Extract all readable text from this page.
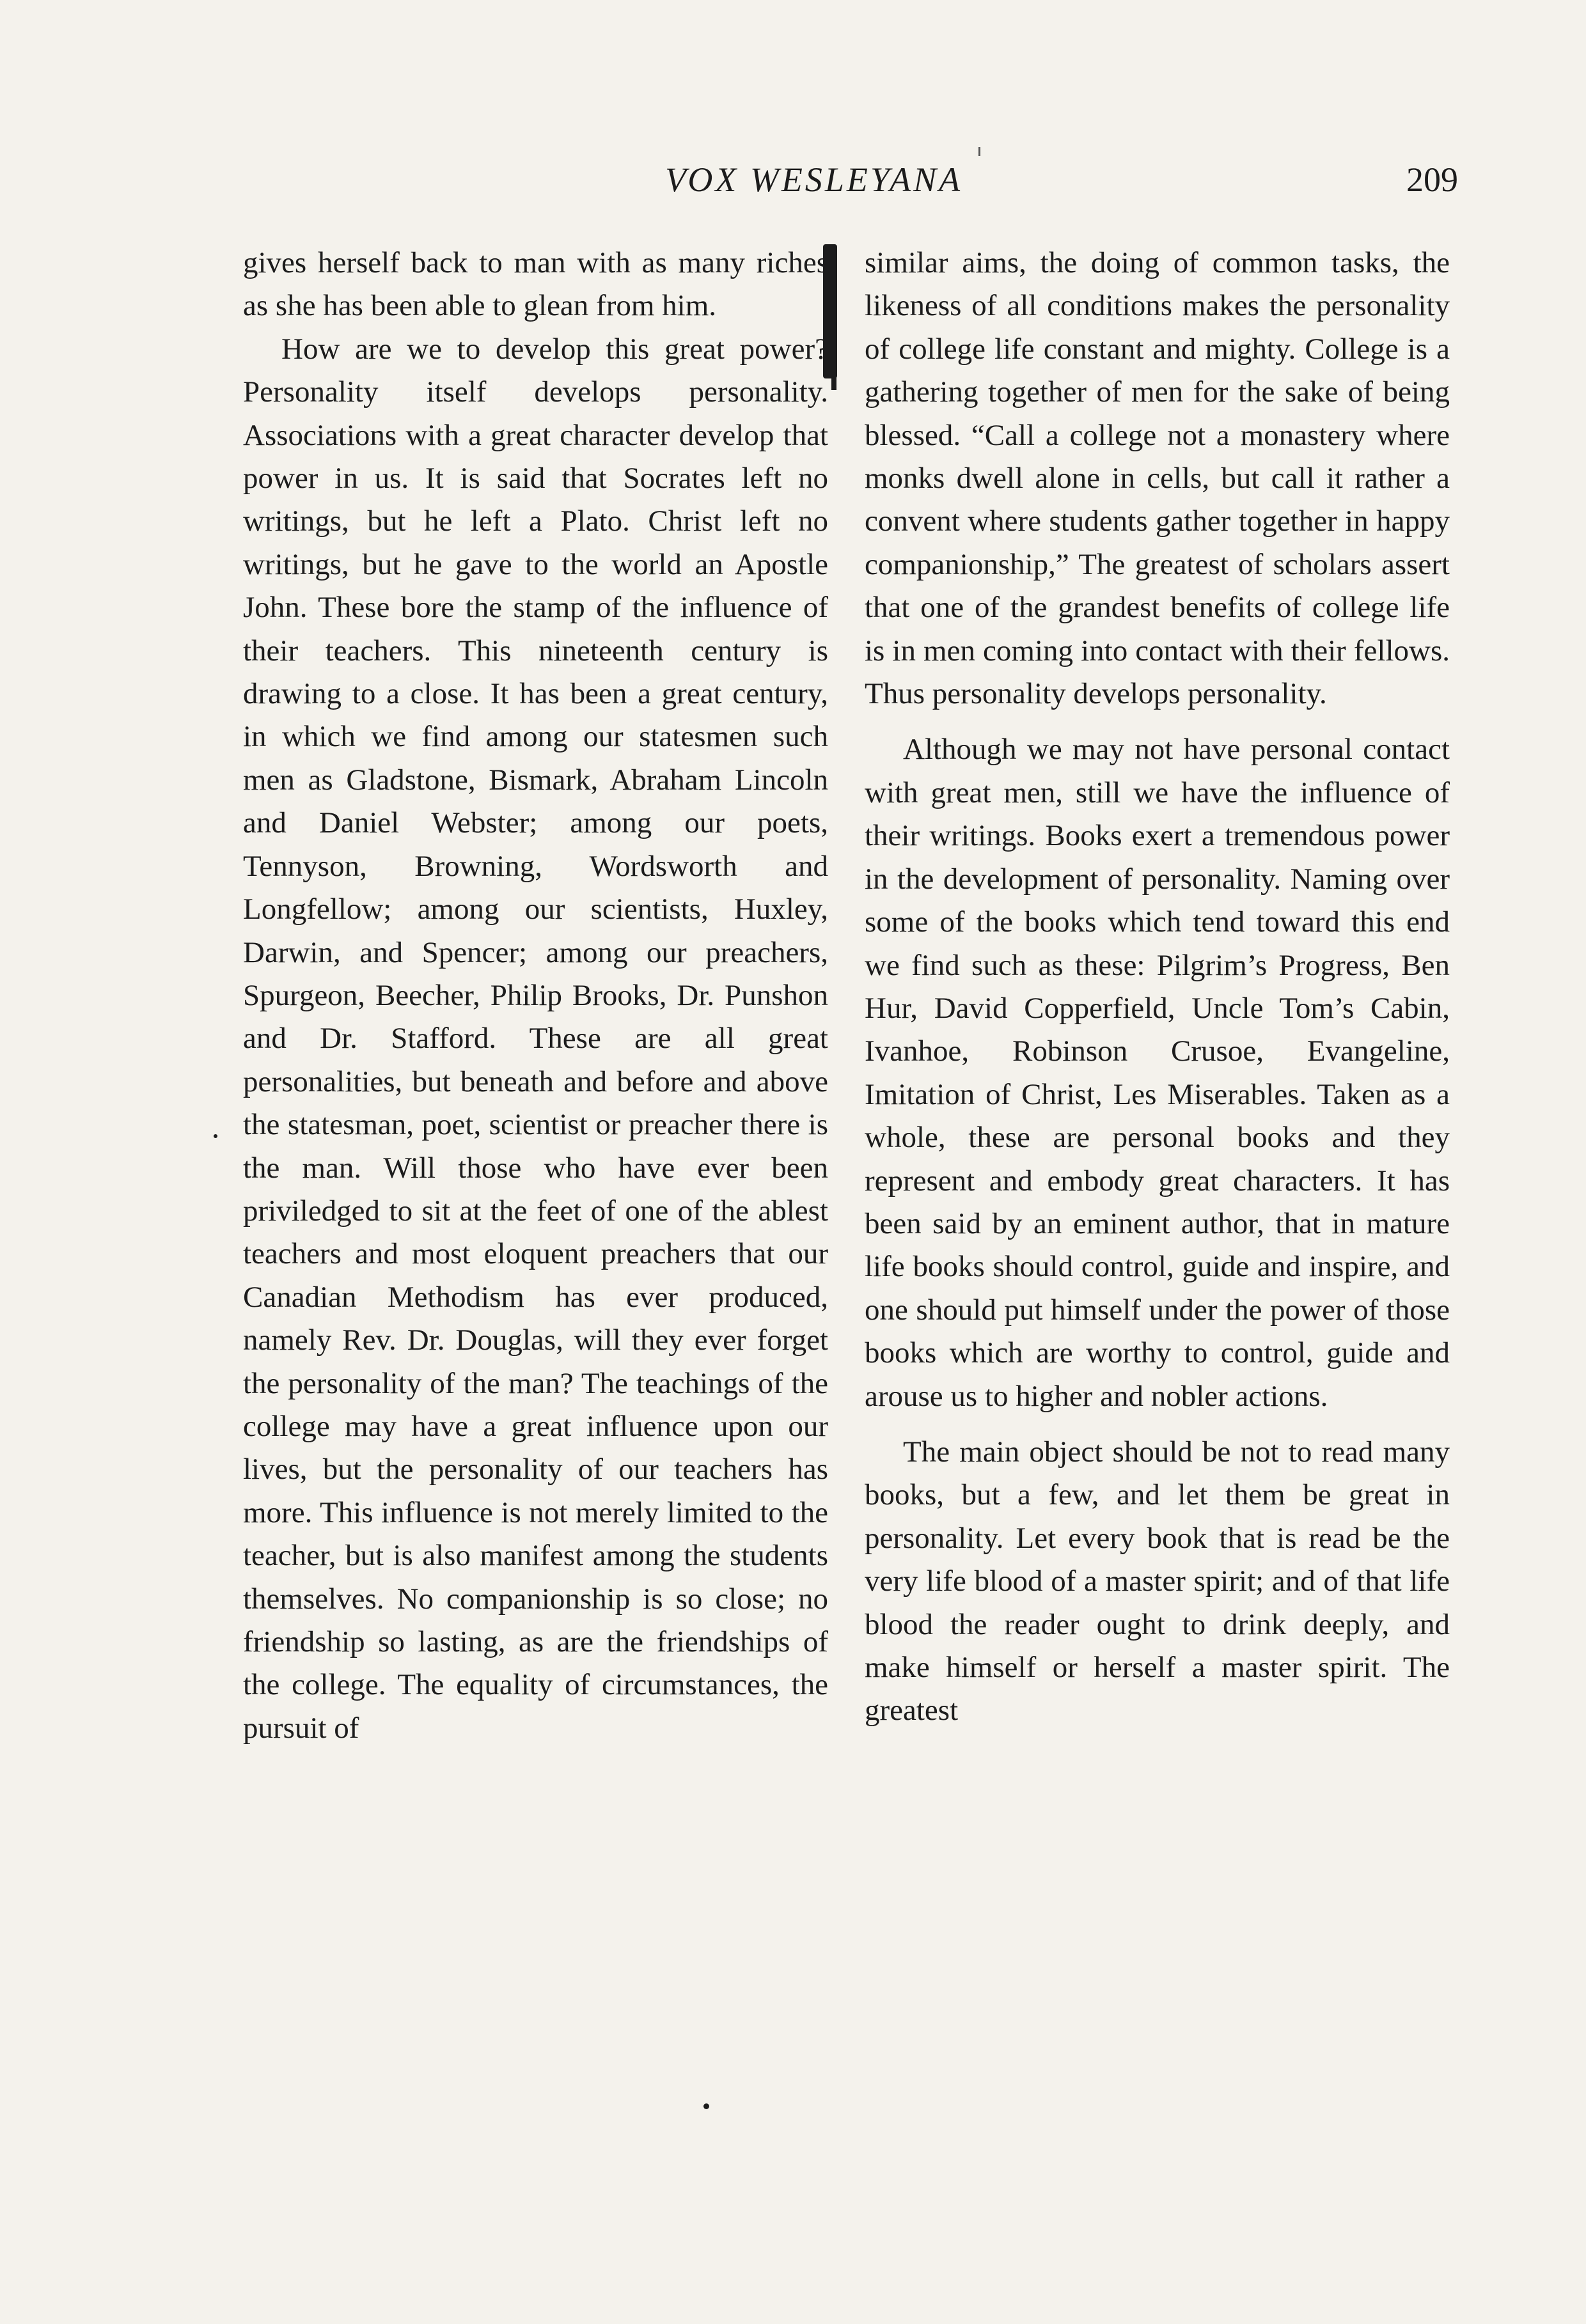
VOX WESLEYANA	209

gives herself back to man with as many riches as she has been able to glean from him.

How are we to develop this great power? Personality itself develops personality. Associations with a great character develop that power in us. It is said that Socrates left no writings, but he left a Plato. Christ left no writings, but he gave to the world an Apostle John. These bore the stamp of the influence of their teachers. This nineteenth century is drawing to a close. It has been a great century, in which we find among our statesmen such men as Gladstone, Bismark, Abraham Lincoln and Daniel Webster; among our poets, Tennyson, Browning, Wordsworth and Longfellow; among our scientists, Huxley, Darwin, and Spencer; among our preachers, Spurgeon, Beecher, Philip Brooks, Dr. Punshon and Dr. Stafford. These are all great personalities, but beneath and before and above the statesman, poet, scientist or preacher there is the man. Will those who have ever been priviledged to sit at the feet of one of the ablest teachers and most eloquent preachers that our Canadian Methodism has ever produced, namely Rev. Dr. Douglas, will they ever forget the personality of the man? The teachings of the college may have a great influence upon our lives, but the personality of our teachers has more. This influence is not merely limited to the teacher, but is also manifest among the students themselves. No companionship is so close; no friendship so lasting, as are the friendships of the college. The equality of circumstances, the pursuit of

similar aims, the doing of common tasks, the likeness of all conditions makes the personality of college life constant and mighty. College is a gathering together of men for the sake of being blessed. “Call a college not a monastery where monks dwell alone in cells, but call it rather a convent where students gather together in happy companionship,” The greatest of scholars assert that one of the grandest benefits of college life is in men coming into contact with their fellows. Thus personality develops personality.

Although we may not have personal contact with great men, still we have the influence of their writings. Books exert a tremendous power in the development of personality. Naming over some of the books which tend toward this end we find such as these: Pilgrim’s Progress, Ben Hur, David Copperfield, Uncle Tom’s Cabin, Ivanhoe, Robinson Crusoe, Evangeline, Imitation of Christ, Les Miserables. Taken as a whole, these are personal books and they represent and embody great characters. It has been said by an eminent author, that in mature life books should control, guide and inspire, and one should put himself under the power of those books which are worthy to control, guide and arouse us to higher and nobler actions.

The main object should be not to read many books, but a few, and let them be great in personality. Let every book that is read be the very life blood of a master spirit; and of that life blood the reader ought to drink deeply, and make himself or herself a master spirit. The greatest
